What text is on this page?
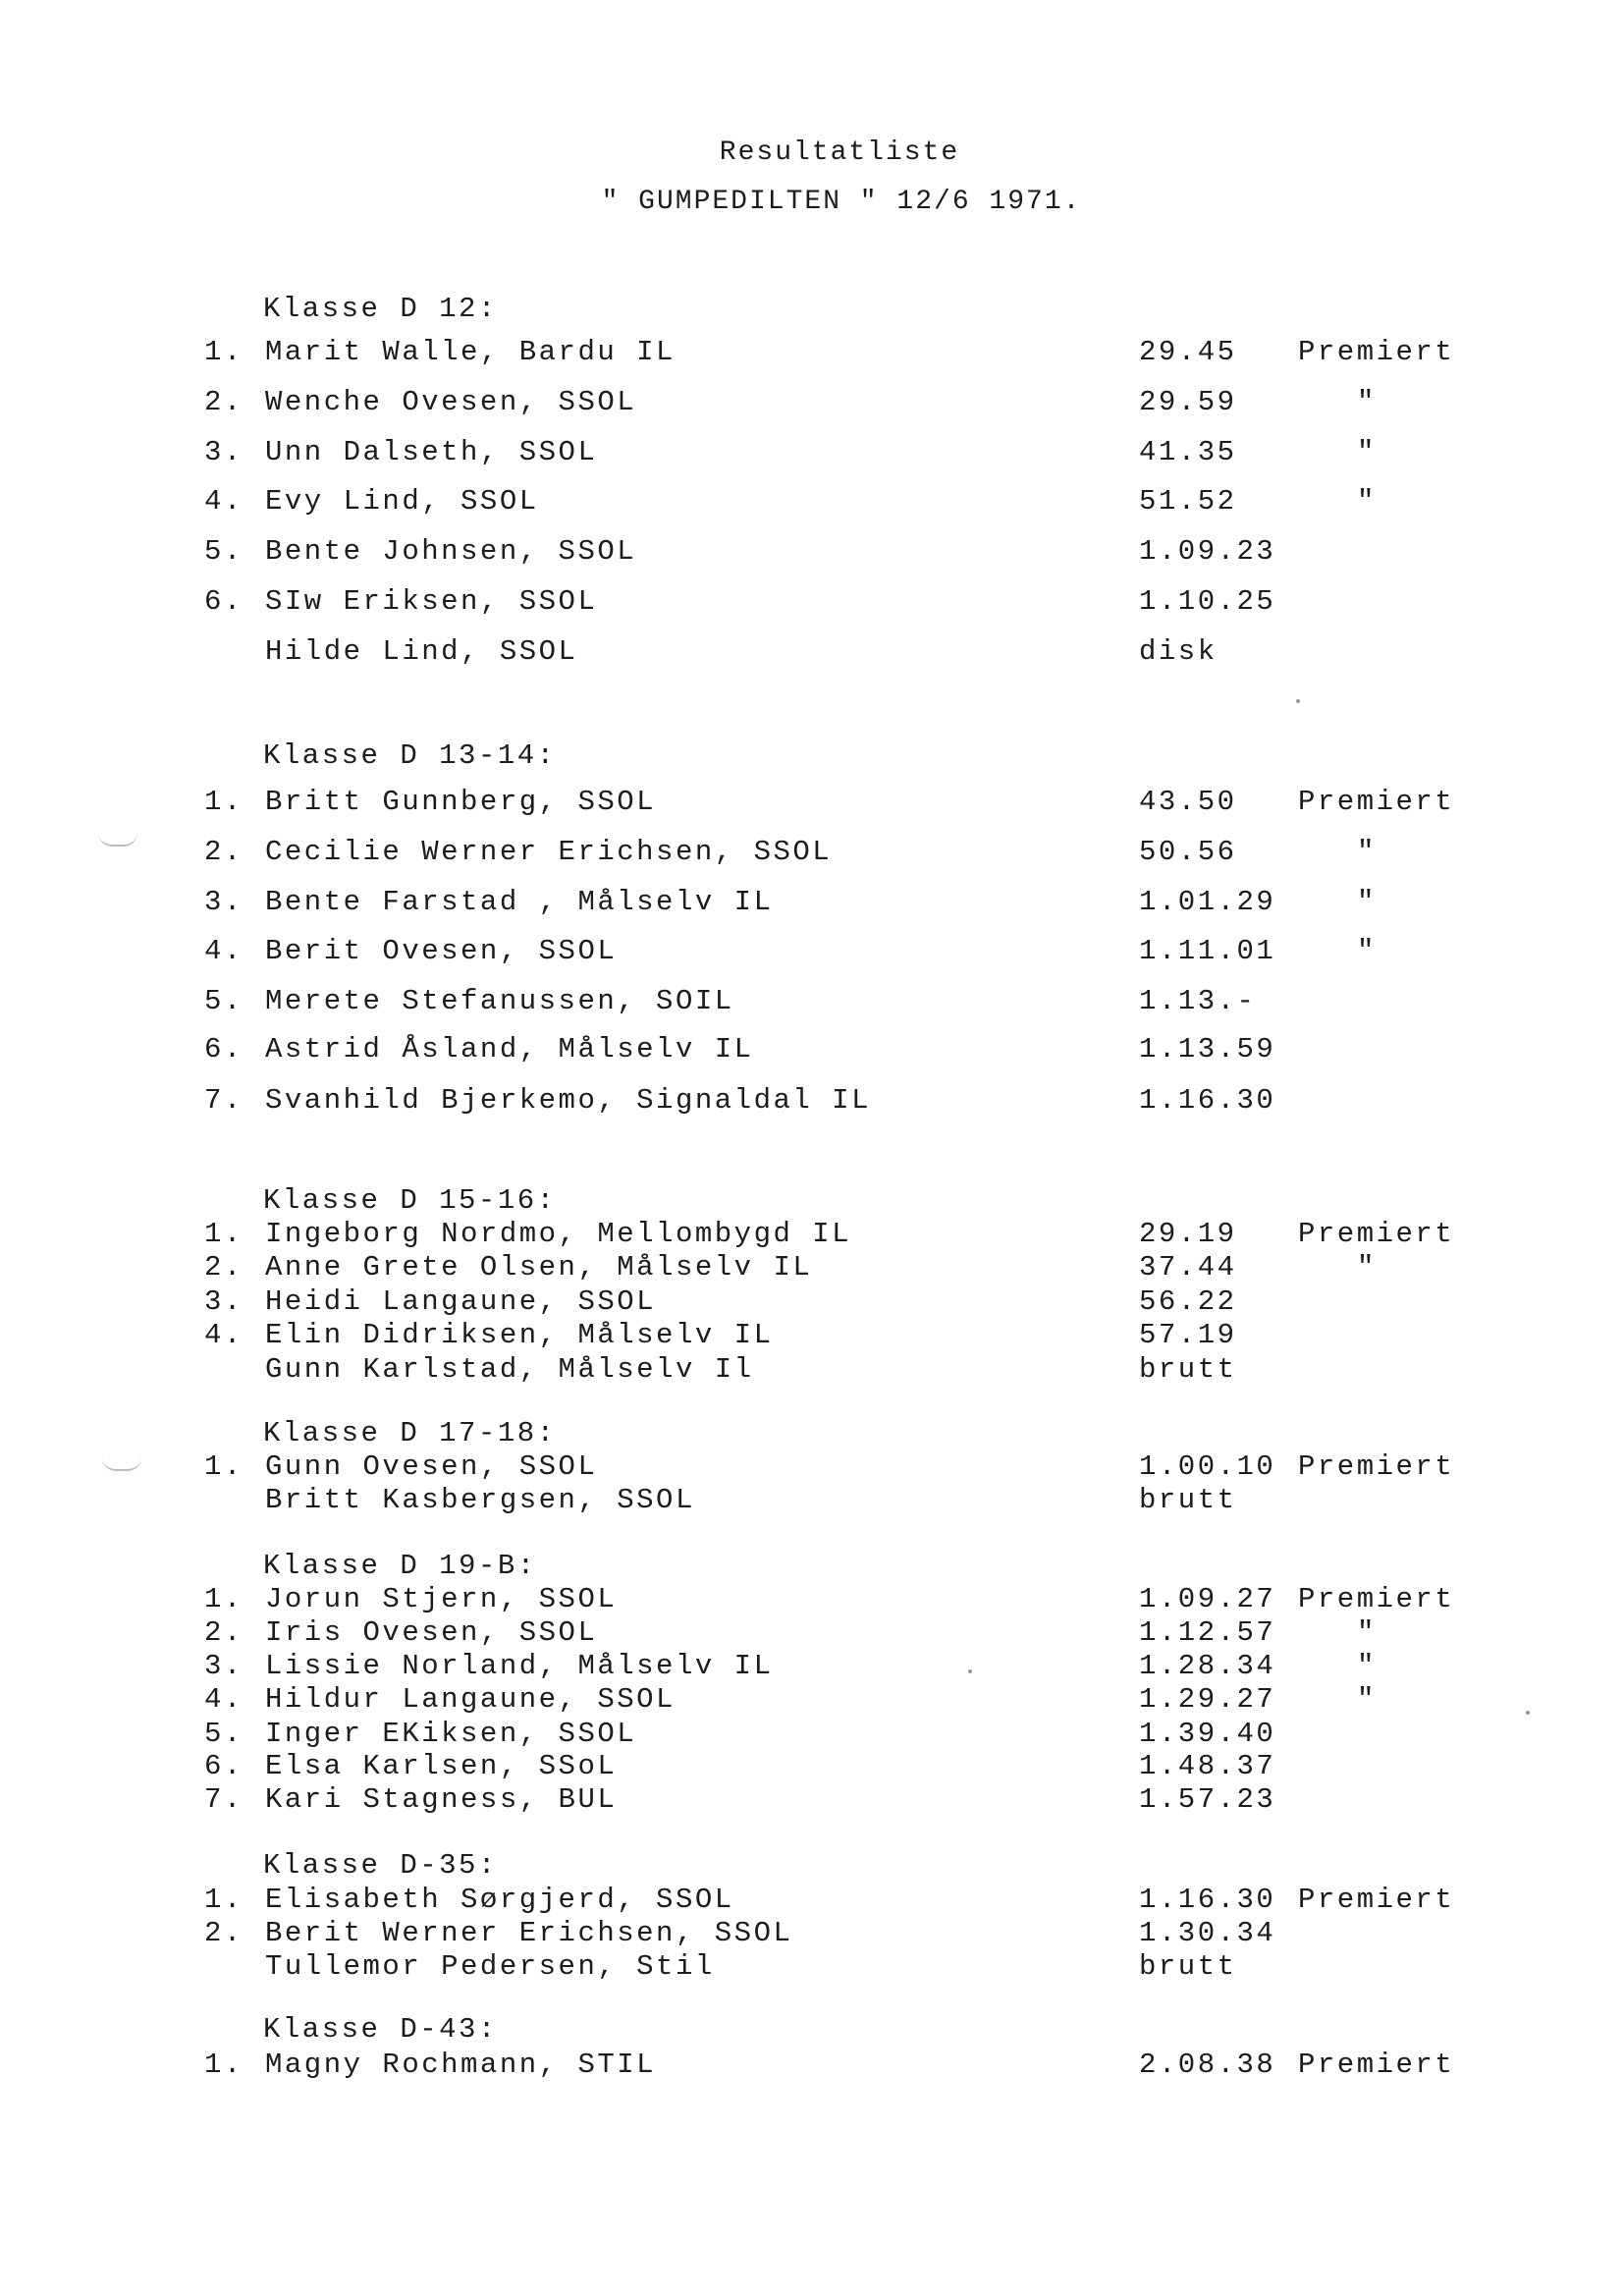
Resultatliste
" GUMPEDILTEN " 12/6 1971.
Klasse D 12:
1. Marit Walle, Bardu IL	29.45 Premiert
2. Wenche Ovesen, SSOL	29.59	"
3. Unn Dalseth, SSOL	41.35	"
4. Evy Lind, SSOL	51.52	"
5. Bente Johnsen, SSOL	1.09.23
6. SIw Eriksen, SSOL	1.10.25
Hilde Lind, SSOL	disk
Klasse D 13-14:
1. Britt Gunnberg, SSOL	43.50 Premiert
2. Cecilie Werner Erichsen, SSOL	50.56	"
3. Bente Farstad , Målselv IL	1.01.29	"
4. Berit Ovesen, SSOL	1.11.01	"
5. Merete Stefanussen, SOIL	1.13.-
6. Astrid Åsland, Målselv IL	1.13.59
7. Svanhild Bjerkemo, Signaldal IL	1.16.30
Klasse D 15-16:
1. Ingeborg Nordmo, Mellombygd IL	29.19 Premiert
2. Anne Grete Olsen, Målselv IL	37.44	"
3. Heidi Langaune, SSOL	56.22
4. Elin Didriksen, Målselv IL	57.19
Gunn Karlstad, Målselv Il	brutt
Klasse D 17-18:
1. Gunn Ovesen, SSOL	1.00.10 Premiert
Britt Kasbergsen, SSOL	brutt
Klasse D 19-B:
1. Jorun Stjern, SSOL	1.09.27 Premiert
2. Iris Ovesen, SSOL	1.12.57	"
3. Lissie Norland, Målselv IL	1.28.34	"
4. Hildur Langaune, SSOL	1.29.27	"
5. Inger EKiksen, SSOL	1.39.40
6. Elsa Karlsen, SSoL	1.48.37
7. Kari Stagness, BUL	1.57.23
Klasse D-35:
1. Elisabeth Sørgjerd, SSOL	1.16.30 Premiert
2. Berit Werner Erichsen, SSOL	1.30.34
Tullemor Pedersen, Stil	brutt
Klasse D-43:
1. Magny Rochmann, STIL	2.08.38 Premiert
